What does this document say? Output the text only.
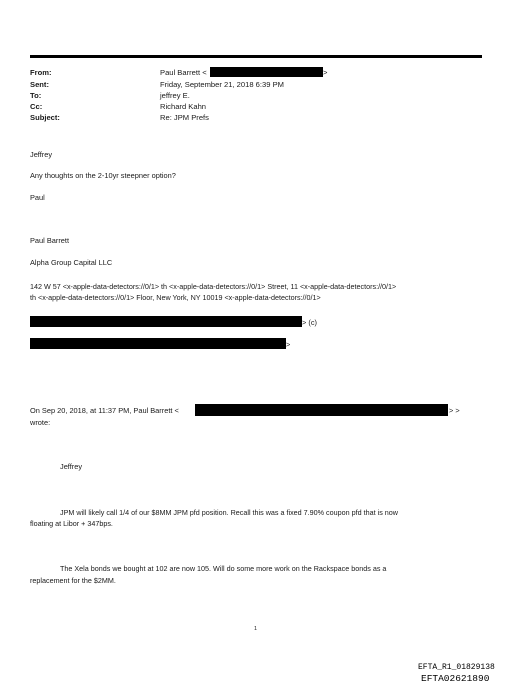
From:	Paul Barrett <	>
Sent:	Friday, September 21, 2018 6:39 PM
To:	jeffrey E.
Cc:	Richard Kahn
Subject:	Re: JPM Prefs
Jeffrey
Any thoughts on the 2-10yr steepner option?
Paul
Paul Barrett
Alpha Group Capital LLC
142 W 57 <x-apple-data-detectors://0/1> th <x-apple-data-detectors://0/1> Street, 11 <x-apple-data-detectors://0/1>
th <x-apple-data-detectors://0/1> Floor, New York, NY 10019 <x-apple-data-detectors://0/1>
> (c)
>
On Sep 20, 2018, at 11:37 PM, Paul Barrett <	> >
wrote:
Jeffrey
JPM will likely call 1/4 of our $8MM JPM pfd position. Recall this was a fixed 7.90% coupon pfd that is now
floating at Libor + 347bps.
The Xela bonds we bought at 102 are now 105. Will do some more work on the Rackspace bonds as a
replacement for the $2MM.
1
EFTA_R1_01829138
EFTA02621890
